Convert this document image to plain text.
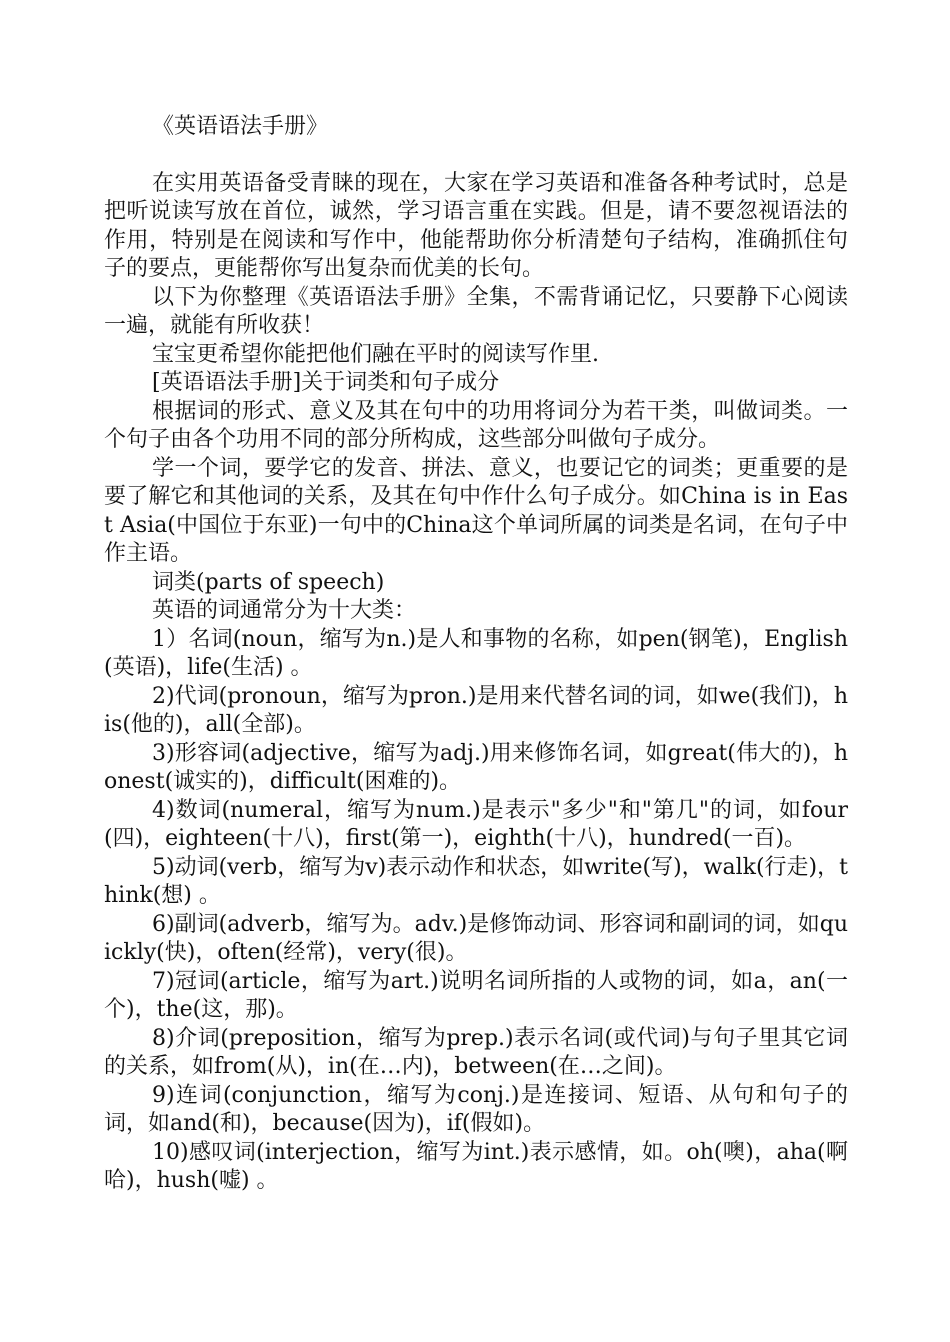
《英语语法手册》

在实用英语备受青睐的现在，大家在学习英语和准备各种考试时，总是把听说读写放在首位，诚然，学习语言重在实践。但是，请不要忽视语法的作用，特别是在阅读和写作中，他能帮助你分析清楚句子结构，准确抓住句子的要点，更能帮你写出复杂而优美的长句。

以下为你整理《英语语法手册》全集，不需背诵记忆，只要静下心阅读一遍，就能有所收获！

宝宝更希望你能把他们融在平时的阅读写作里.

[英语语法手册]关于词类和句子成分

根据词的形式、意义及其在句中的功用将词分为若干类，叫做词类。一个句子由各个功用不同的部分所构成，这些部分叫做句子成分。

学一个词，要学它的发音、拼法、意义，也要记它的词类；更重要的是要了解它和其他词的关系，及其在句中作什么句子成分。如China is in East Asia(中国位于东亚)一句中的China这个单词所属的词类是名词，在句子中作主语。

词类(parts of speech)

英语的词通常分为十大类：

1）名词(noun，缩写为n.)是人和事物的名称，如pen(钢笔)，English(英语)，life(生活) 。

2)代词(pronoun，缩写为pron.)是用来代替名词的词，如we(我们)，his(他的)，all(全部)。

3)形容词(adjective，缩写为adj.)用来修饰名词，如great(伟大的)，honest(诚实的)，difficult(困难的)。

4)数词(numeral，缩写为num.)是表示"多少"和"第几"的词，如four(四)，eighteen(十八)，first(第一)，eighth(十八)，hundred(一百)。

5)动词(verb，缩写为v)表示动作和状态，如write(写)，walk(行走)，think(想) 。

6)副词(adverb，缩写为。adv.)是修饰动词、形容词和副词的词，如quickly(快)，often(经常)，very(很)。

7)冠词(article，缩写为art.)说明名词所指的人或物的词，如a，an(一个)，the(这，那)。

8)介词(preposition，缩写为prep.)表示名词(或代词)与句子里其它词的关系，如from(从)，in(在…内)，between(在…之间)。

9)连词(conjunction，缩写为conj.)是连接词、短语、从句和句子的词，如and(和)，because(因为)，if(假如)。

10)感叹词(interjection，缩写为int.)表示感情，如。oh(噢)，aha(啊哈)，hush(嘘) 。
